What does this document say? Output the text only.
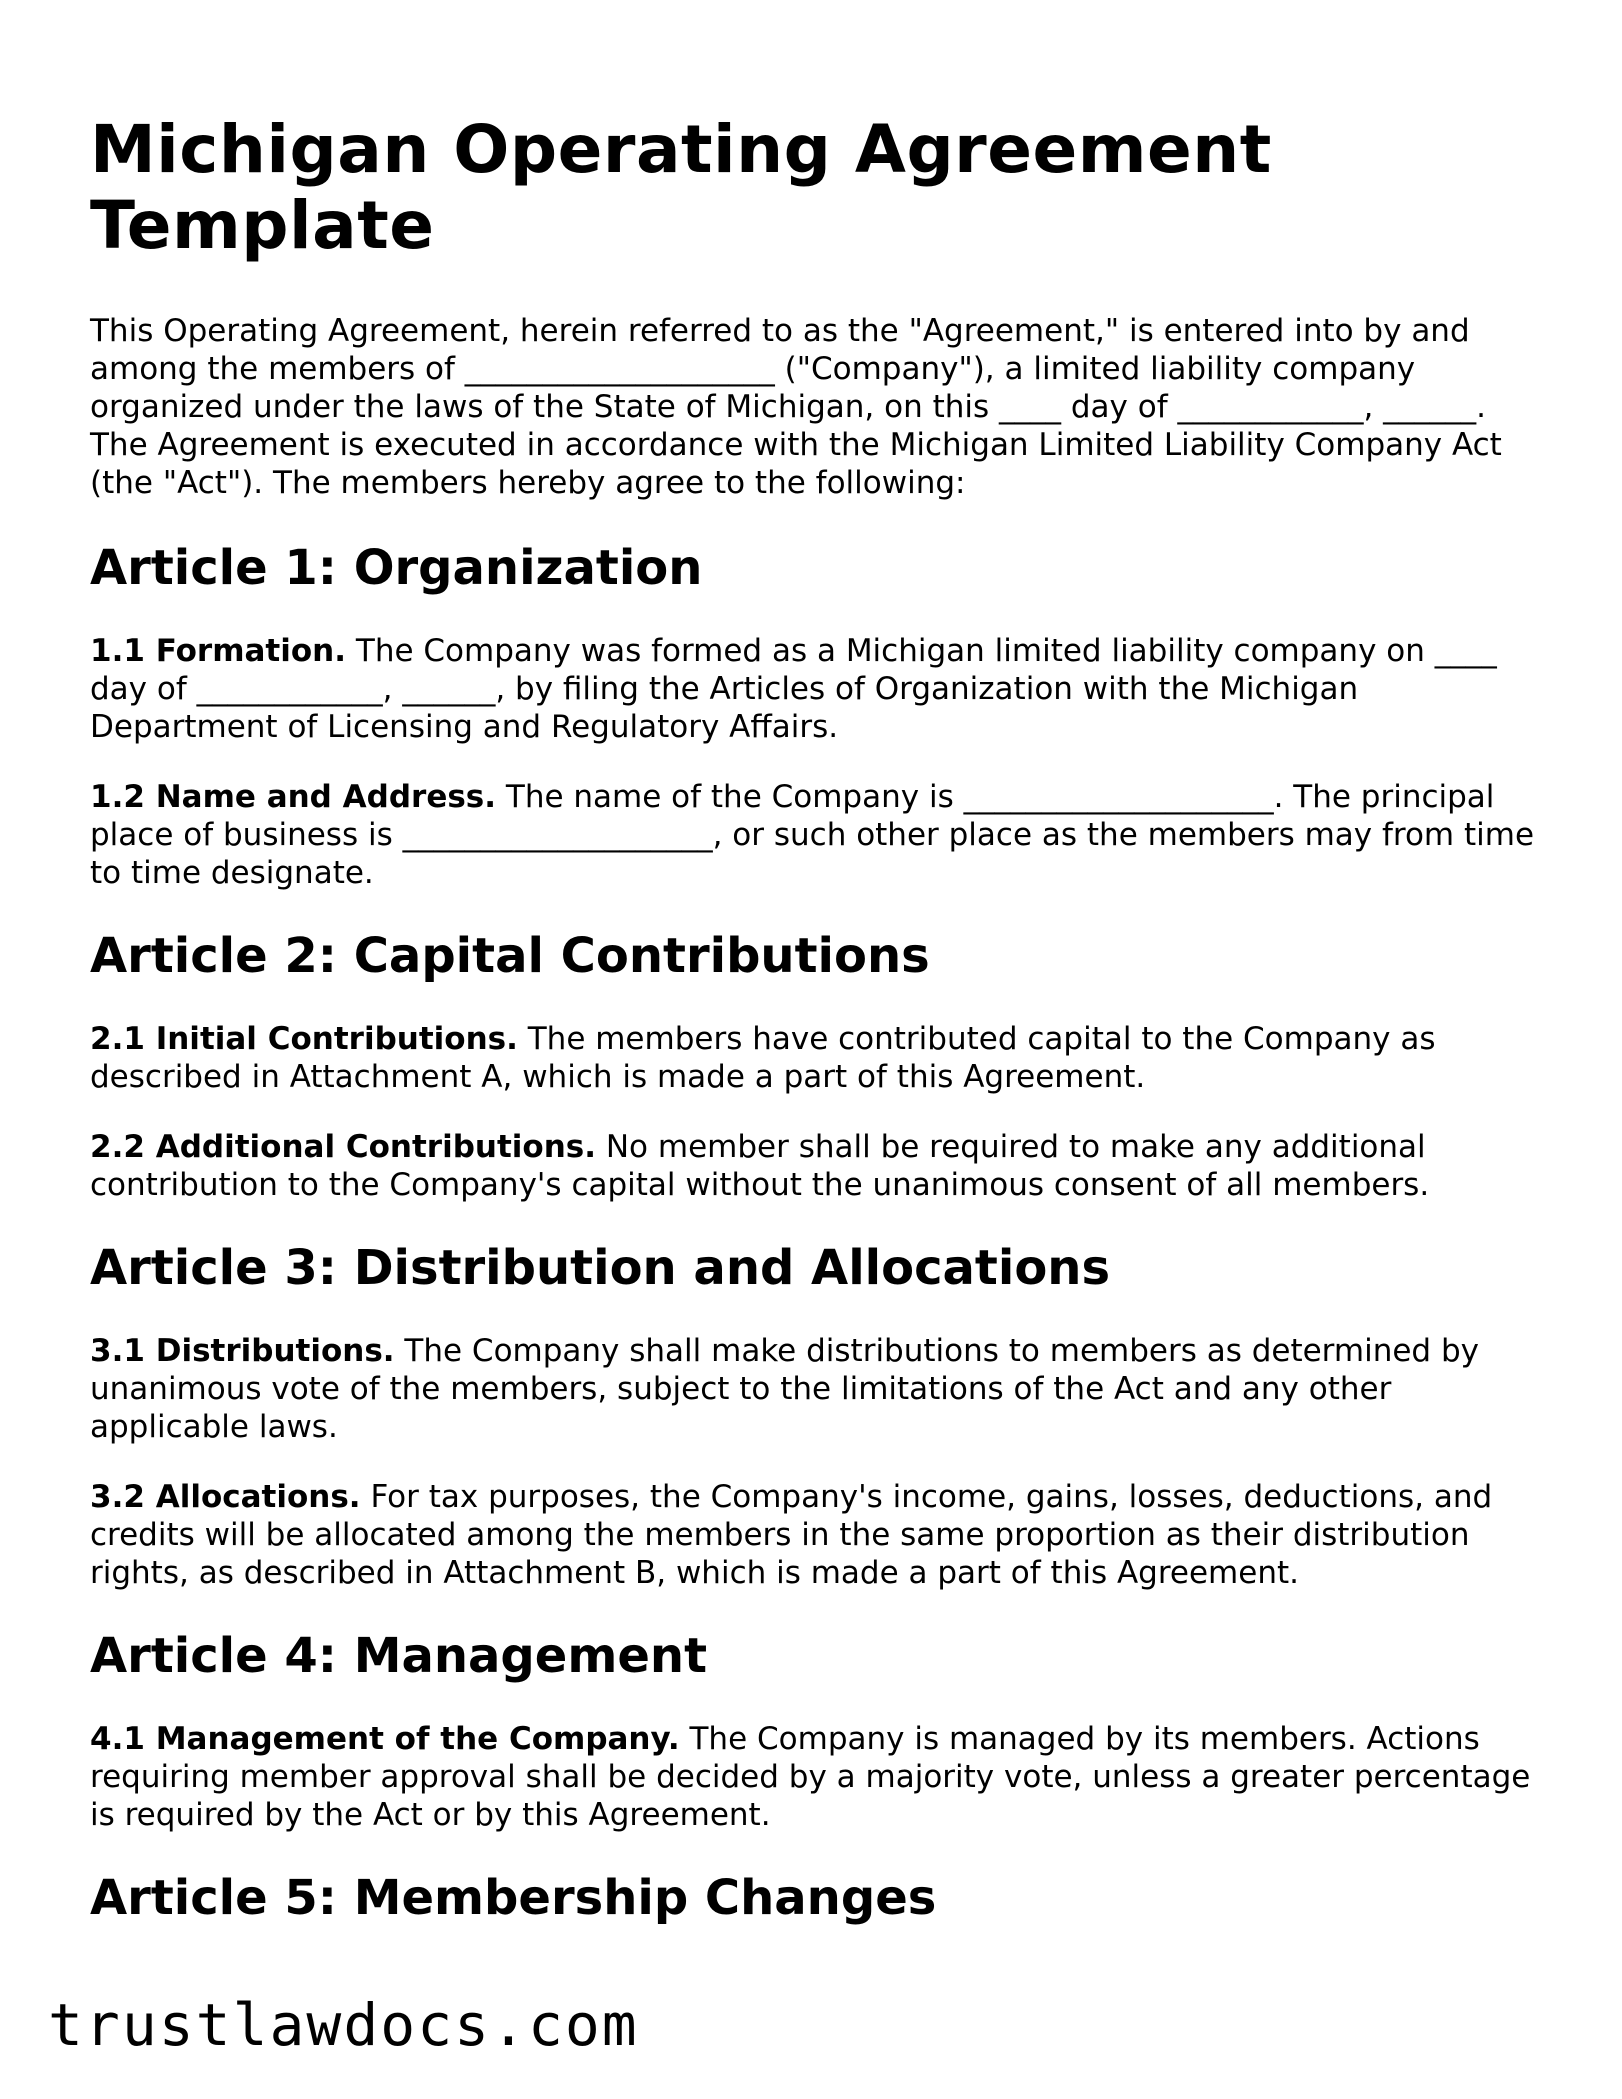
Michigan Operating Agreement Template

This Operating Agreement, herein referred to as the "Agreement," is entered into by and among the members of ____________________ ("Company"), a limited liability company organized under the laws of the State of Michigan, on this ____ day of ____________, ______. The Agreement is executed in accordance with the Michigan Limited Liability Company Act (the "Act"). The members hereby agree to the following:

Article 1: Organization

1.1 Formation. The Company was formed as a Michigan limited liability company on ____ day of ____________, ______, by filing the Articles of Organization with the Michigan Department of Licensing and Regulatory Affairs.

1.2 Name and Address. The name of the Company is ____________________. The principal place of business is ____________________, or such other place as the members may from time to time designate.

Article 2: Capital Contributions

2.1 Initial Contributions. The members have contributed capital to the Company as described in Attachment A, which is made a part of this Agreement.

2.2 Additional Contributions. No member shall be required to make any additional contribution to the Company's capital without the unanimous consent of all members.

Article 3: Distribution and Allocations

3.1 Distributions. The Company shall make distributions to members as determined by unanimous vote of the members, subject to the limitations of the Act and any other applicable laws.

3.2 Allocations. For tax purposes, the Company's income, gains, losses, deductions, and credits will be allocated among the members in the same proportion as their distribution rights, as described in Attachment B, which is made a part of this Agreement.

Article 4: Management

4.1 Management of the Company. The Company is managed by its members. Actions requiring member approval shall be decided by a majority vote, unless a greater percentage is required by the Act or by this Agreement.

Article 5: Membership Changes
trustlawdocs.com
